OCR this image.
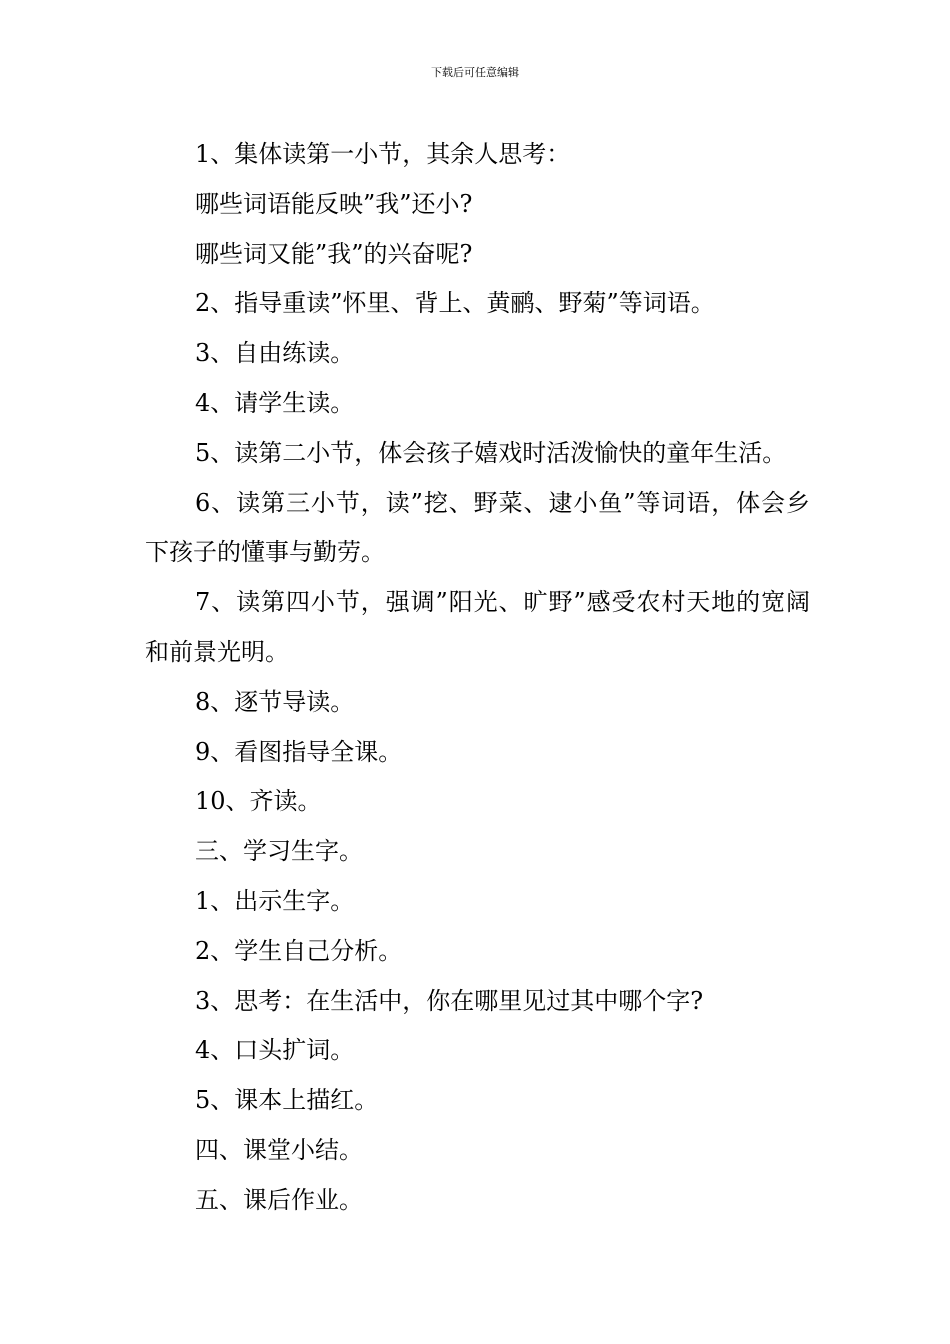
下载后可任意编辑

1、集体读第一小节，其余人思考：

哪些词语能反映”我”还小?

哪些词又能”我”的兴奋呢?

2、指导重读”怀里、背上、黄鹂、野菊”等词语。

3、自由练读。

4、请学生读。

5、读第二小节，体会孩子嬉戏时活泼愉快的童年生活。

6、读第三小节，读”挖、野菜、逮小鱼”等词语，体会乡下孩子的懂事与勤劳。

7、读第四小节，强调”阳光、旷野”感受农村天地的宽阔和前景光明。

8、逐节导读。

9、看图指导全课。

10、齐读。

三、学习生字。

1、出示生字。

2、学生自己分析。

3、思考：在生活中，你在哪里见过其中哪个字?

4、口头扩词。

5、课本上描红。

四、课堂小结。

五、课后作业。
